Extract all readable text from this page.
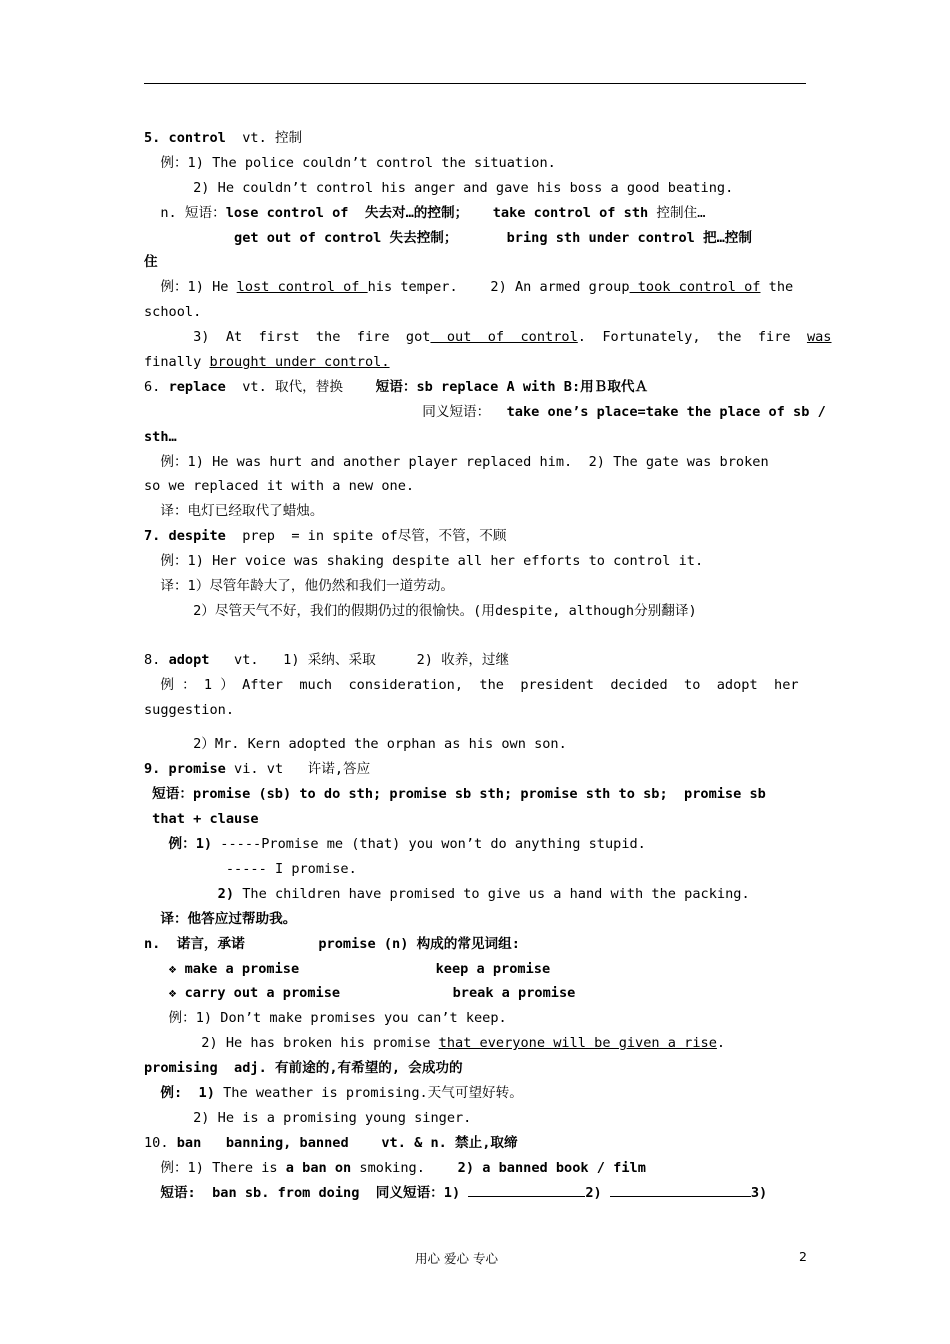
5. control  vt. 控制
例：1) The police couldn’t control the situation.
2) He couldn’t control his anger and gave his boss a good beating.
n. 短语：lose control of  失去对…的控制；   take control of sth 控制住…
get out of control 失去控制；      bring sth under control 把…控制
住
例：1) He lost control of his temper.    2) An armed group took control of the
school.
3)  At  first  the  fire  got  out  of  control.  Fortunately,  the  fire  was
finally brought under control.
6. replace  vt. 取代，替换    短语：sb replace A with B:用Ｂ取代Ａ
同义短语：  take one’s place=take the place of sb /
sth…
例：1) He was hurt and another player replaced him.  2) The gate was broken
so we replaced it with a new one.
译：电灯已经取代了蜡烛。
7. despite  prep  = in spite of尽管，不管，不顾
例：1) Her voice was shaking despite all her efforts to control it.
译：1）尽管年龄大了，他仍然和我们一道劳动。
2）尽管天气不好，我们的假期仍过的很愉快。(用despite, although分别翻译)
8. adopt   vt.   1) 采纳、采取     2) 收养，过继
例 ： 1 ） After  much  consideration,  the  president  decided  to  adopt  her
suggestion.
2）Mr. Kern adopted the orphan as his own son.
9. promise vi. vt   许诺,答应
短语：promise (sb) to do sth; promise sb sth; promise sth to sb;  promise sb
that + clause
例：1) -----Promise me (that) you won’t do anything stupid.
----- I promise.
2) The children have promised to give us a hand with the packing.
译：他答应过帮助我。
n.  诺言，承诺         promise (n) 构成的常见词组:
❖ make a promise	keep a promise
❖ carry out a promise	break a promise
例：1) Don’t make promises you can’t keep.
2) He has broken his promise that everyone will be given a rise.
promising  adj. 有前途的,有希望的, 会成功的
例:  1) The weather is promising.天气可望好转。
2) He is a promising young singer.
10. ban   banning, banned    vt. & n. 禁止,取缔
例：1) There is a ban on smoking.    2) a banned book / film
短语:  ban sb. from doing  同义短语：1)	2)	3)
用心 爱心 专心	2
